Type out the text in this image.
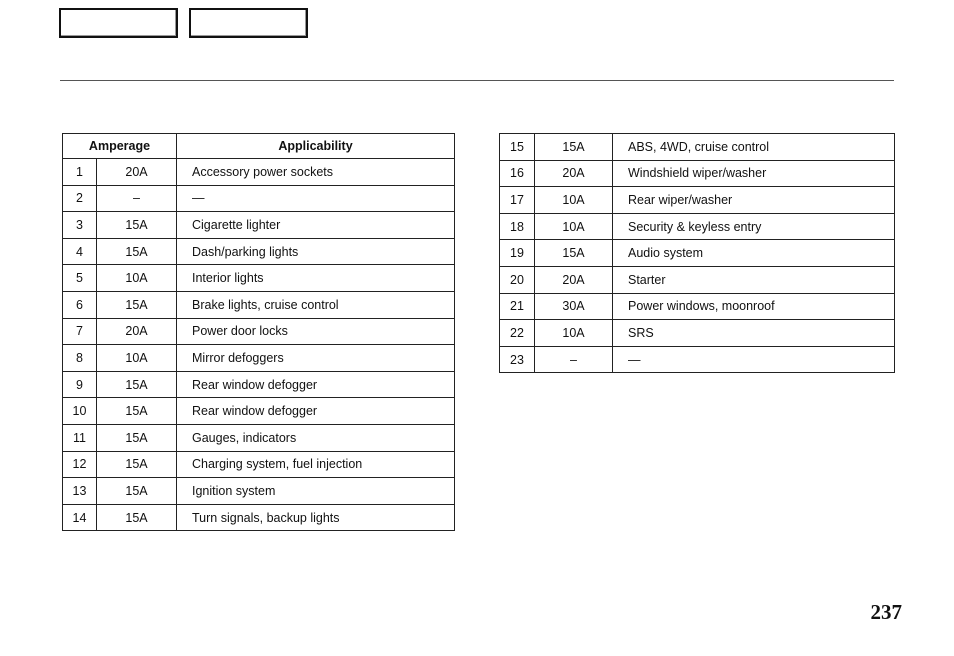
Amperage		Applicability
1	20A	Accessory power sockets
2	–	—
3	15A	Cigarette lighter
4	15A	Dash/parking lights
5	10A	Interior lights
6	15A	Brake lights, cruise control
7	20A	Power door locks
8	10A	Mirror defoggers
9	15A	Rear window defogger
10	15A	Rear window defogger
11	15A	Gauges, indicators
12	15A	Charging system, fuel injection
13	15A	Ignition system
14	15A	Turn signals, backup lights
15	15A	ABS, 4WD, cruise control
16	20A	Windshield wiper/washer
17	10A	Rear wiper/washer
18	10A	Security & keyless entry
19	15A	Audio system
20	20A	Starter
21	30A	Power windows, moonroof
22	10A	SRS
23	–	—
237
